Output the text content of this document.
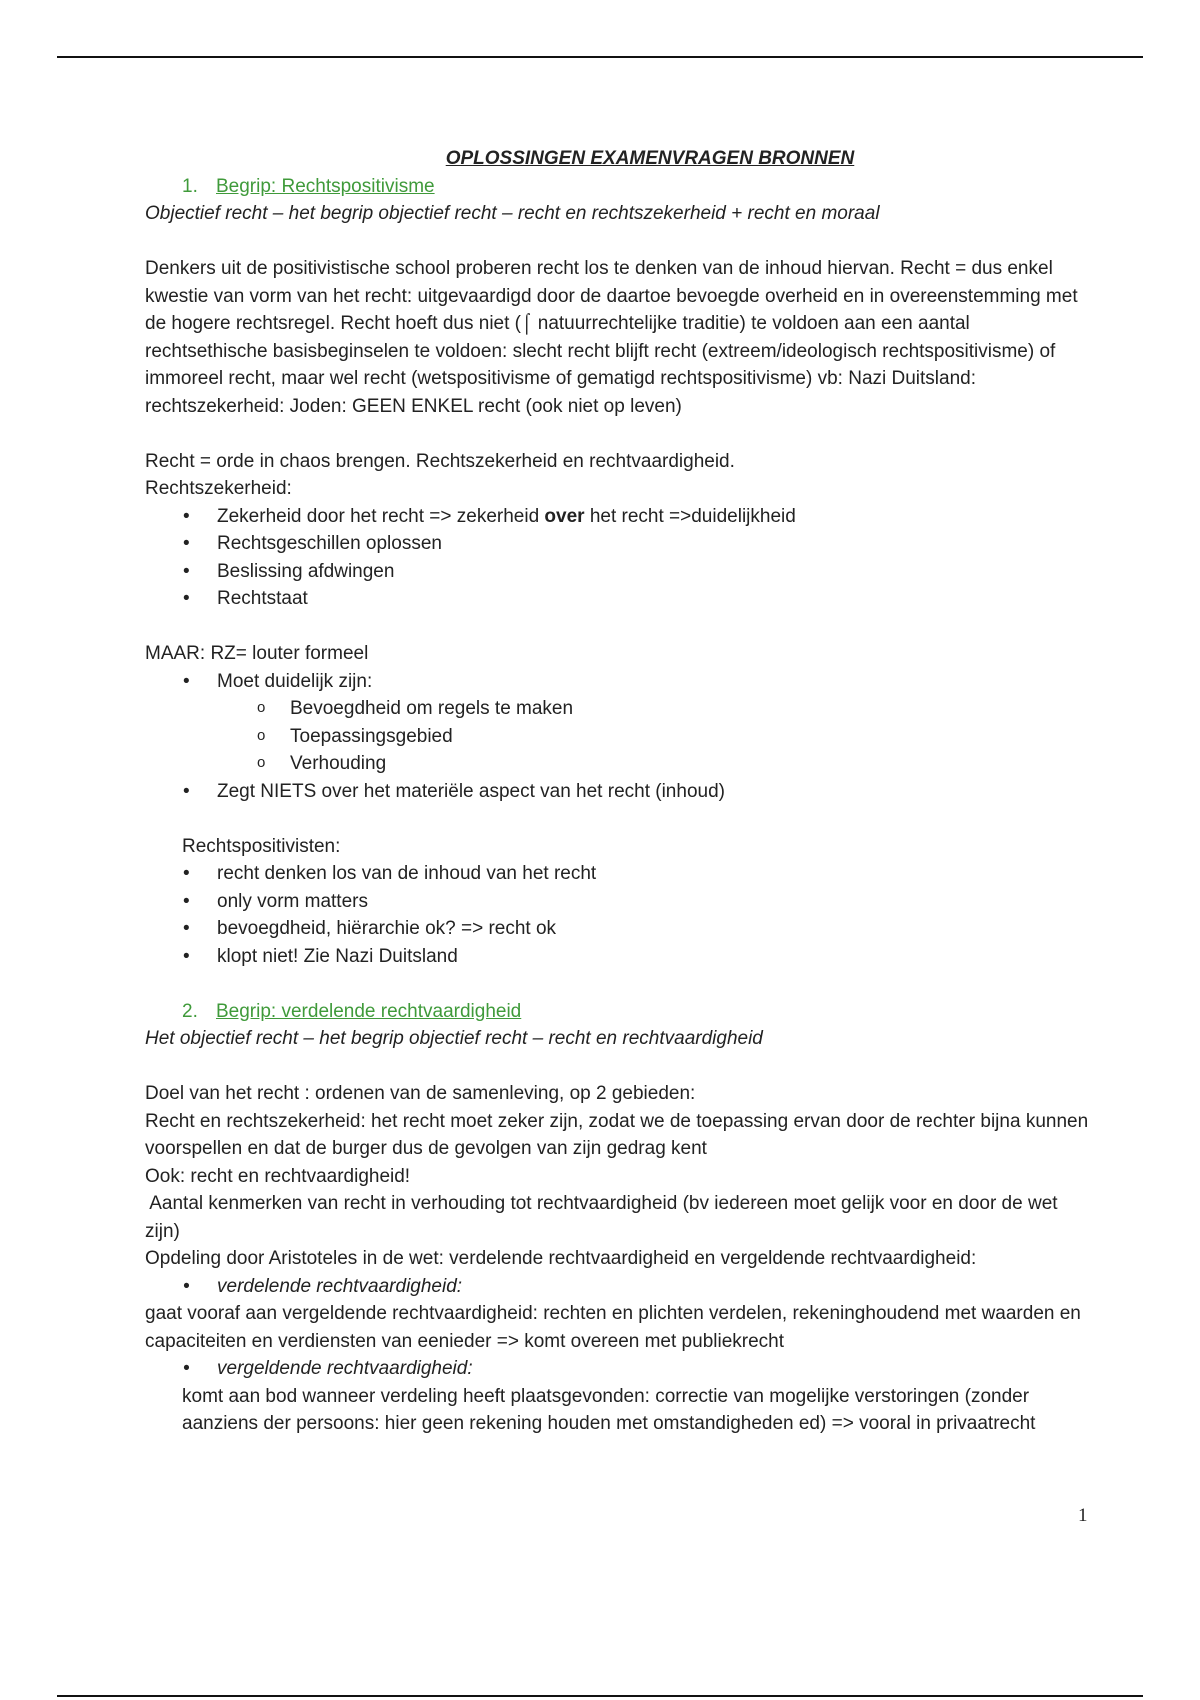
OPLOSSINGEN EXAMENVRAGEN BRONNEN

1. Begrip: Rechtspositivisme

Objectief recht – het begrip objectief recht – recht en rechtszekerheid + recht en moraal

Denkers uit de positivistische school proberen recht los te denken van de inhoud hiervan. Recht = dus enkel

kwestie van vorm van het recht: uitgevaardigd door de daartoe bevoegde overheid en in overeenstemming met

de hogere rechtsregel. Recht hoeft dus niet (⌠ natuurrechtelijke traditie) te voldoen aan een aantal

rechtsethische basisbeginselen te voldoen: slecht recht blijft recht (extreem/ideologisch rechtspositivisme) of

immoreel recht, maar wel recht (wetspositivisme of gematigd rechtspositivisme) vb: Nazi Duitsland:

rechtszekerheid: Joden: GEEN ENKEL recht (ook niet op leven)

Recht = orde in chaos brengen. Rechtszekerheid en rechtvaardigheid.

Rechtszekerheid:

• Zekerheid door het recht => zekerheid over het recht =>duidelijkheid
• Rechtsgeschillen oplossen
• Beslissing afdwingen
• Rechtstaat

MAAR: RZ= louter formeel

• Moet duidelijk zijn:
o Bevoegdheid om regels te maken
o Toepassingsgebied
o Verhouding
• Zegt NIETS over het materiële aspect van het recht (inhoud)

Rechtspositivisten:

• recht denken los van de inhoud van het recht
• only vorm matters
• bevoegdheid, hiërarchie ok? => recht ok
• klopt niet! Zie Nazi Duitsland

2. Begrip: verdelende rechtvaardigheid

Het objectief recht – het begrip objectief recht – recht en rechtvaardigheid

Doel van het recht : ordenen van de samenleving, op 2 gebieden:

Recht en rechtszekerheid: het recht moet zeker zijn, zodat we de toepassing ervan door de rechter bijna kunnen

voorspellen en dat de burger dus de gevolgen van zijn gedrag kent

Ook: recht en rechtvaardigheid!

Aantal kenmerken van recht in verhouding tot rechtvaardigheid (bv iedereen moet gelijk voor en door de wet

zijn)

Opdeling door Aristoteles in de wet: verdelende rechtvaardigheid en vergeldende rechtvaardigheid:

• verdelende rechtvaardigheid:

gaat vooraf aan vergeldende rechtvaardigheid: rechten en plichten verdelen, rekeninghoudend met waarden en

capaciteiten en verdiensten van eenieder => komt overeen met publiekrecht

• vergeldende rechtvaardigheid:

komt aan bod wanneer verdeling heeft plaatsgevonden: correctie van mogelijke verstoringen (zonder

aanziens der persoons: hier geen rekening houden met omstandigheden ed) => vooral in privaatrecht

1
